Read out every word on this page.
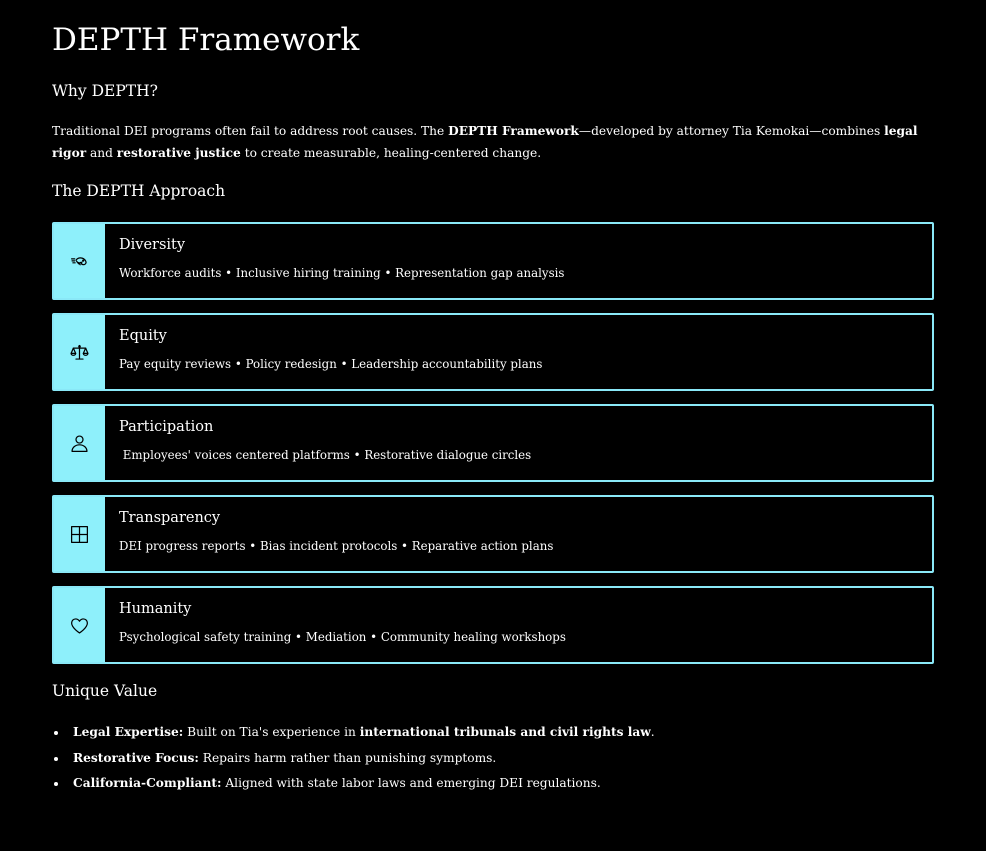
DEPTH Framework
Why DEPTH?

Traditional DEI programs often fail to address root causes. The DEPTH Framework—developed by attorney Tia Kemokai—combines legal rigor and restorative justice to create measurable, healing-centered change.

The DEPTH Approach
Diversity
Workforce audits • Inclusive hiring training • Representation gap analysis
Equity
Pay equity reviews • Policy redesign • Leadership accountability plans
Participation
Employees' voices centered platforms • Restorative dialogue circles
Transparency
DEI progress reports • Bias incident protocols • Reparative action plans
Humanity
Psychological safety training • Mediation • Community healing workshops
Unique Value
Legal Expertise: Built on Tia's experience in international tribunals and civil rights law.
Restorative Focus: Repairs harm rather than punishing symptoms.
California-Compliant: Aligned with state labor laws and emerging DEI regulations.
